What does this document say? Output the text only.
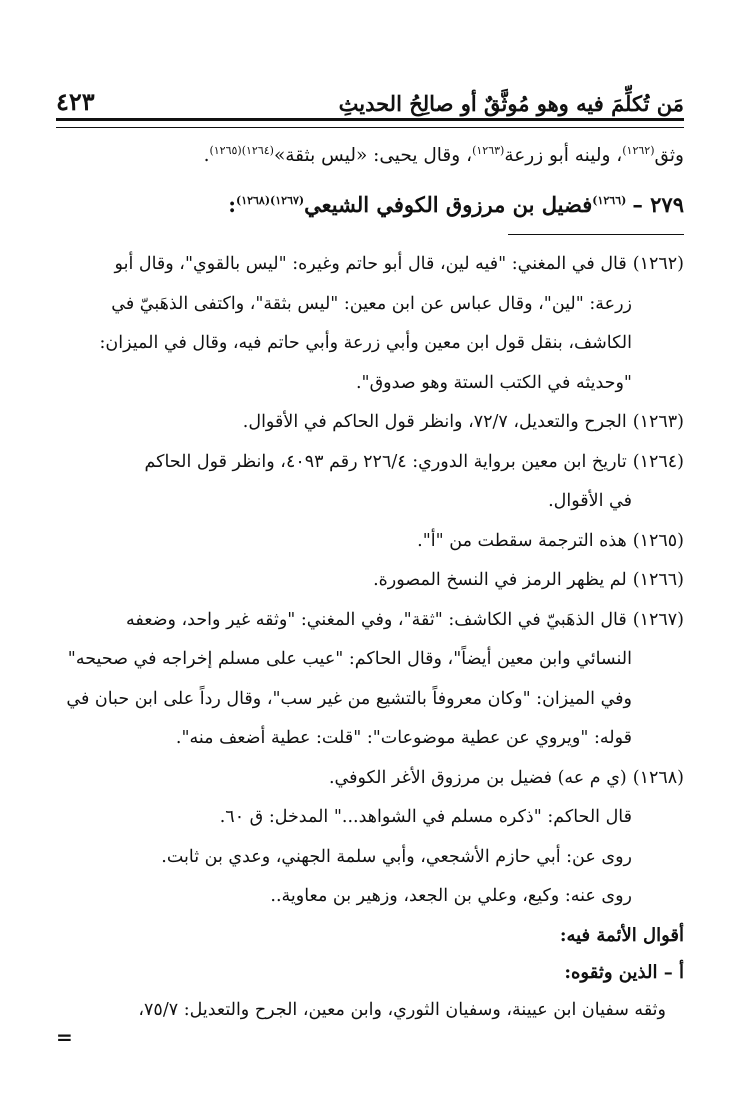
مَن تُكلِّمَ فيه وهو مُوثَّقٌ أو صالِحُ الحديثِ
٤٢٣
وثق$^{(١٢٦٢)}$، ولينه أبو زرعة$^{(١٢٦٣)}$، وقال يحيى: «ليس بثقة»$^{(١٢٦٤)(١٢٦٥)}$.
٢٧٩ –$^{(١٢٦٦)}$فضيل بن مرزوق الكوفي الشيعي$^{(١٢٦٧)(١٢٦٨)}$:
(١٢٦٢)قال في المغني: "فيه لين، قال أبو حاتم وغيره: "ليس بالقوي"، وقال أبو
زرعة: "لين"، وقال عباس عن ابن معين: "ليس بثقة"، واكتفى الذهَبيّ في
الكاشف، بنقل قول ابن معين وأبي زرعة وأبي حاتم فيه، وقال في الميزان:
"وحديثه في الكتب الستة وهو صدوق".
(١٢٦٣)الجرح والتعديل، ٧٢/٧، وانظر قول الحاكم في الأقوال.
(١٢٦٤)تاريخ ابن معين برواية الدوري: ٢٢٦/٤ رقم ٤٠٩٣، وانظر قول الحاكم
في الأقوال.
(١٢٦٥)هذه الترجمة سقطت من "أ".
(١٢٦٦)لم يظهر الرمز في النسخ المصورة.
(١٢٦٧)قال الذهَبيّ في الكاشف: "ثقة"، وفي المغني: "وثقه غير واحد، وضعفه
النسائي وابن معين أيضاً"، وقال الحاكم: "عيب على مسلم إخراجه في صحيحه"
وفي الميزان: "وكان معروفاً بالتشيع من غير سب"، وقال رداً على ابن حبان في
قوله: "ويروي عن عطية موضوعات": "قلت: عطية أضعف منه".
(١٢٦٨)(ي م عه) فضيل بن مرزوق الأغر الكوفي.
قال الحاكم: "ذكره مسلم في الشواهد..." المدخل: ق ٦٠.
روى عن: أبي حازم الأشجعي، وأبي سلمة الجهني، وعدي بن ثابت.
روى عنه: وكيع، وعلي بن الجعد، وزهير بن معاوية..
أقوال الأئمة فيه:
أ – الذين وثقوه:
وثقه سفيان ابن عيينة، وسفيان الثوري، وابن معين، الجرح والتعديل: ٧٥/٧،
=
